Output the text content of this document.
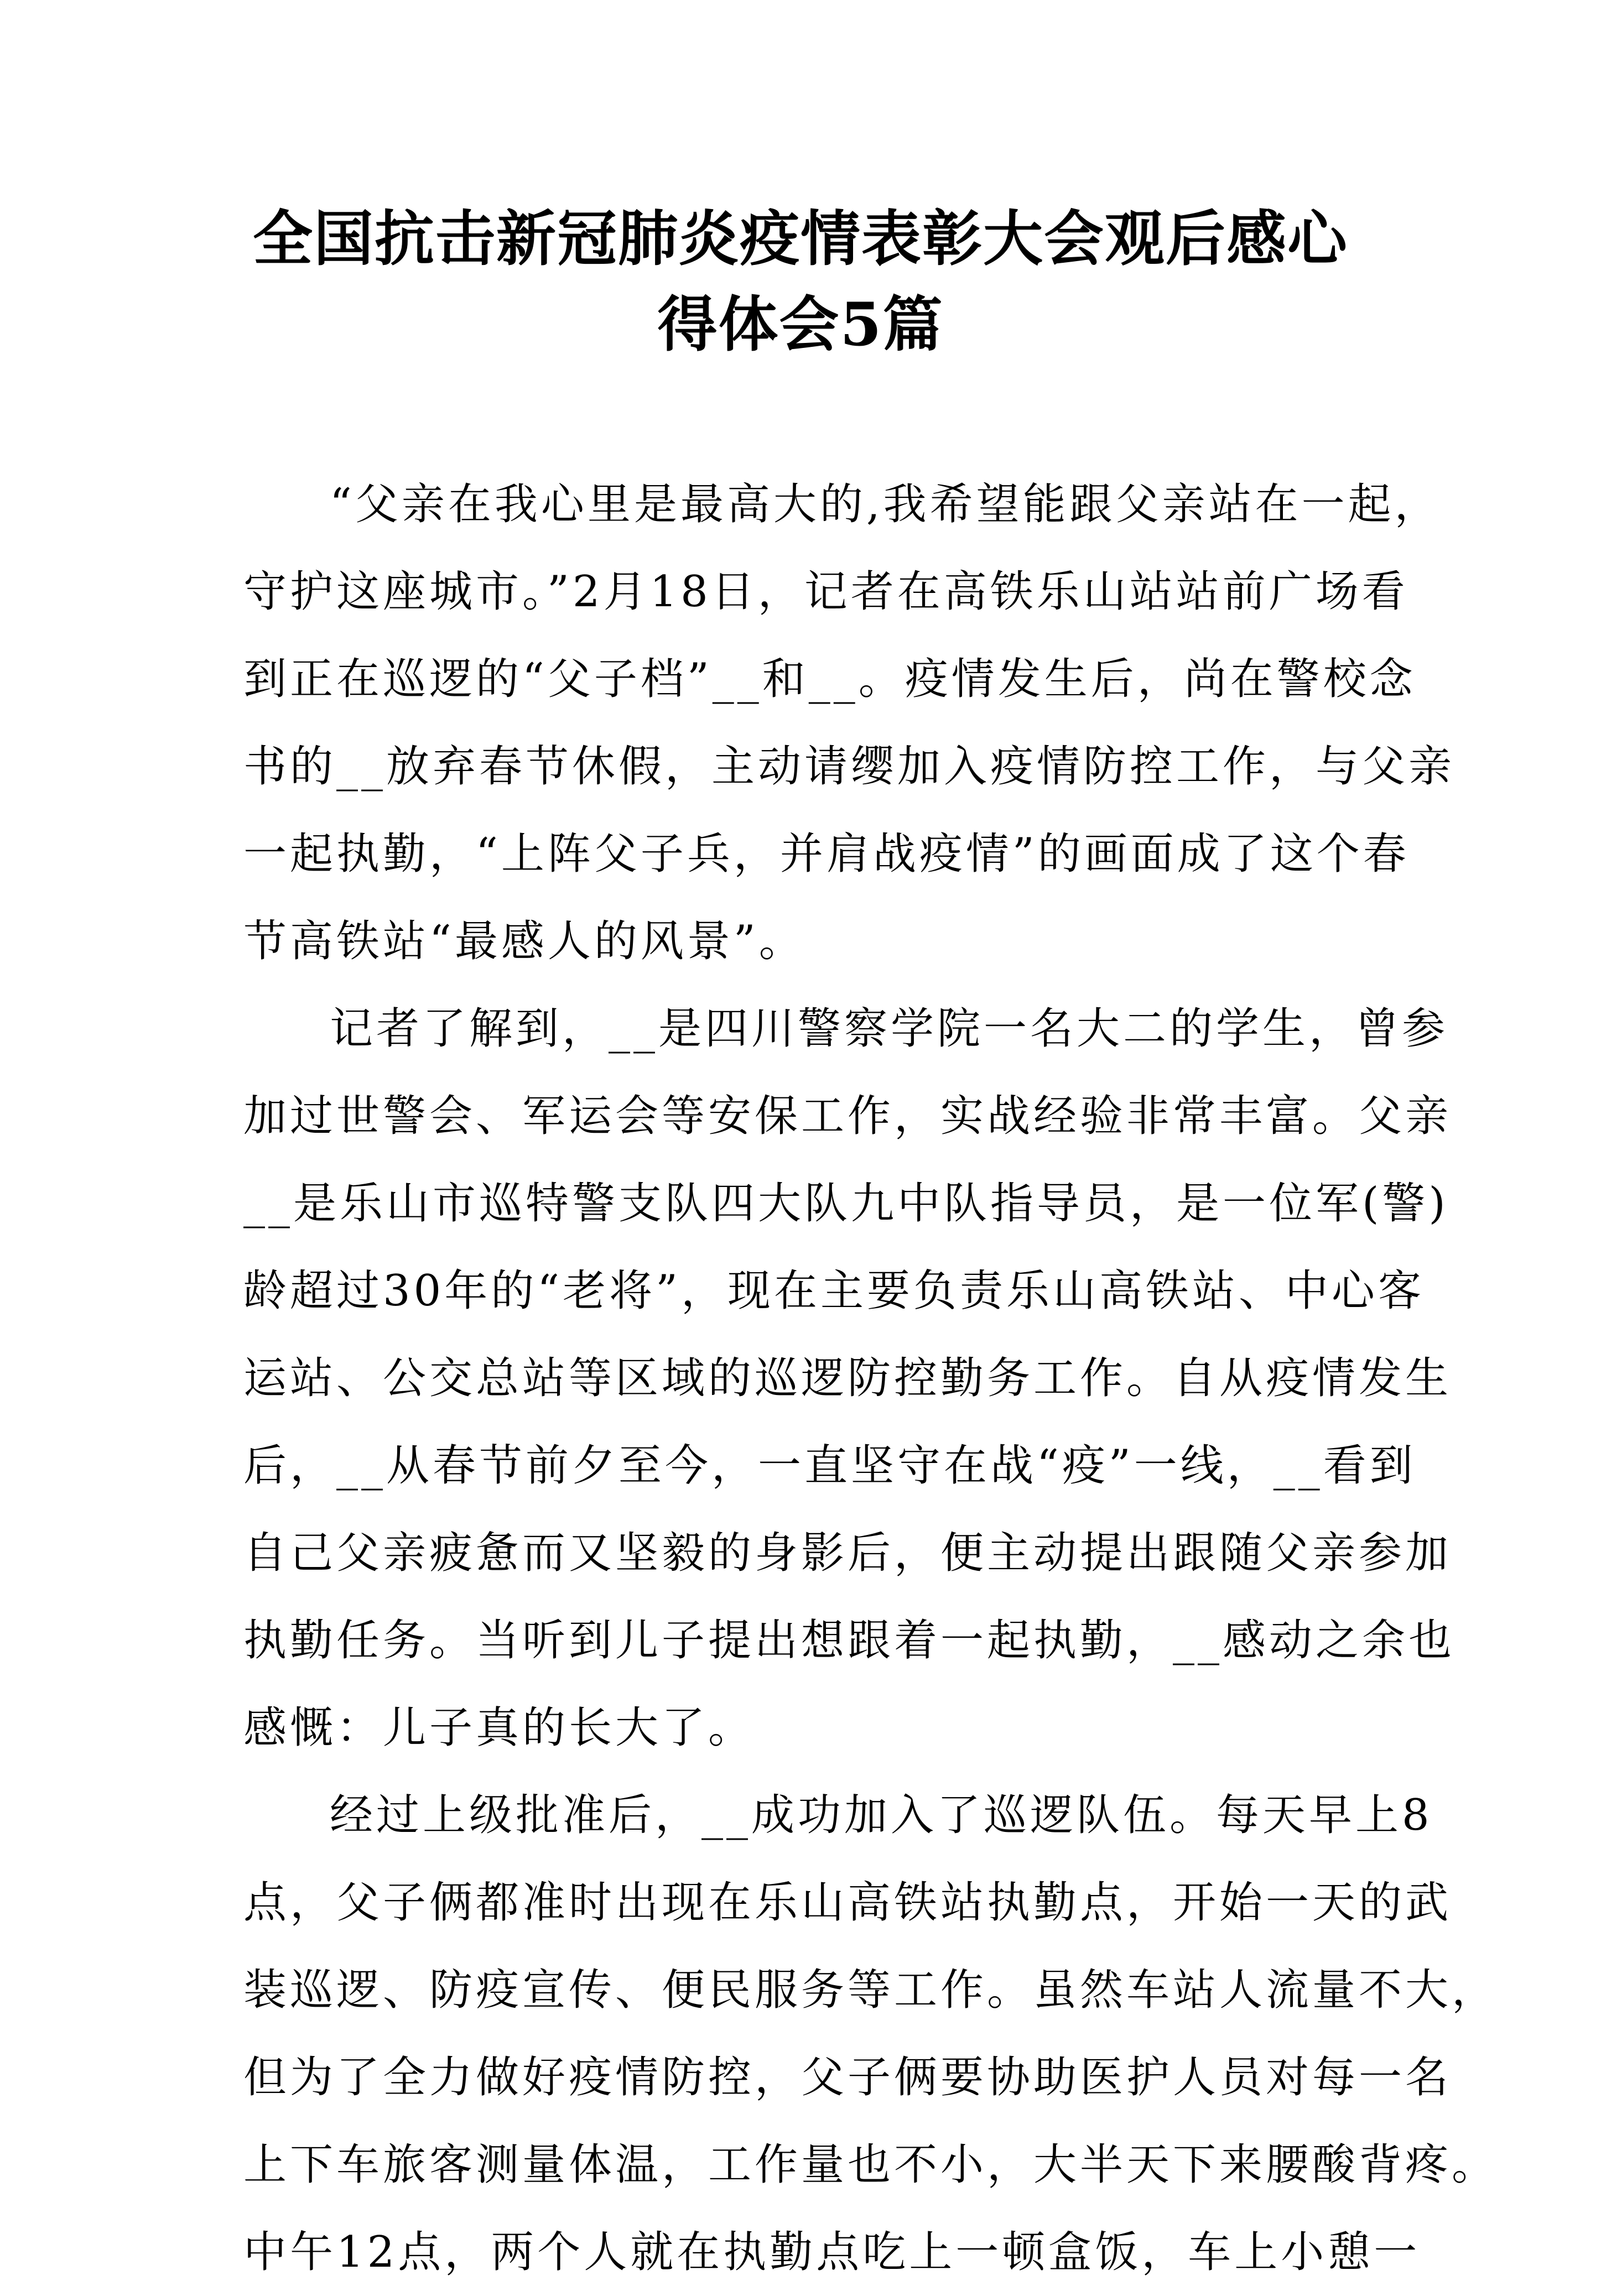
全国抗击新冠肺炎疫情表彰大会观后感心
得体会5篇
“父亲在我心里是最高大的,我希望能跟父亲站在一起，
守护这座城市。”2月18日，记者在高铁乐山站站前广场看
到正在巡逻的“父子档”__和__。疫情发生后，尚在警校念
书的__放弃春节休假，主动请缨加入疫情防控工作，与父亲
一起执勤，“上阵父子兵，并肩战疫情”的画面成了这个春
节高铁站“最感人的风景”。
记者了解到，__是四川警察学院一名大二的学生，曾参
加过世警会、军运会等安保工作，实战经验非常丰富。父亲
__是乐山市巡特警支队四大队九中队指导员，是一位军(警)
龄超过30年的“老将”，现在主要负责乐山高铁站、中心客
运站、公交总站等区域的巡逻防控勤务工作。自从疫情发生
后，__从春节前夕至今，一直坚守在战“疫”一线，__看到
自己父亲疲惫而又坚毅的身影后，便主动提出跟随父亲参加
执勤任务。当听到儿子提出想跟着一起执勤，__感动之余也
感慨：儿子真的长大了。
经过上级批准后，__成功加入了巡逻队伍。每天早上8
点，父子俩都准时出现在乐山高铁站执勤点，开始一天的武
装巡逻、防疫宣传、便民服务等工作。虽然车站人流量不大，
但为了全力做好疫情防控，父子俩要协助医护人员对每一名
上下车旅客测量体温，工作量也不小，大半天下来腰酸背疼。
中午12点，两个人就在执勤点吃上一顿盒饭，车上小憩一
